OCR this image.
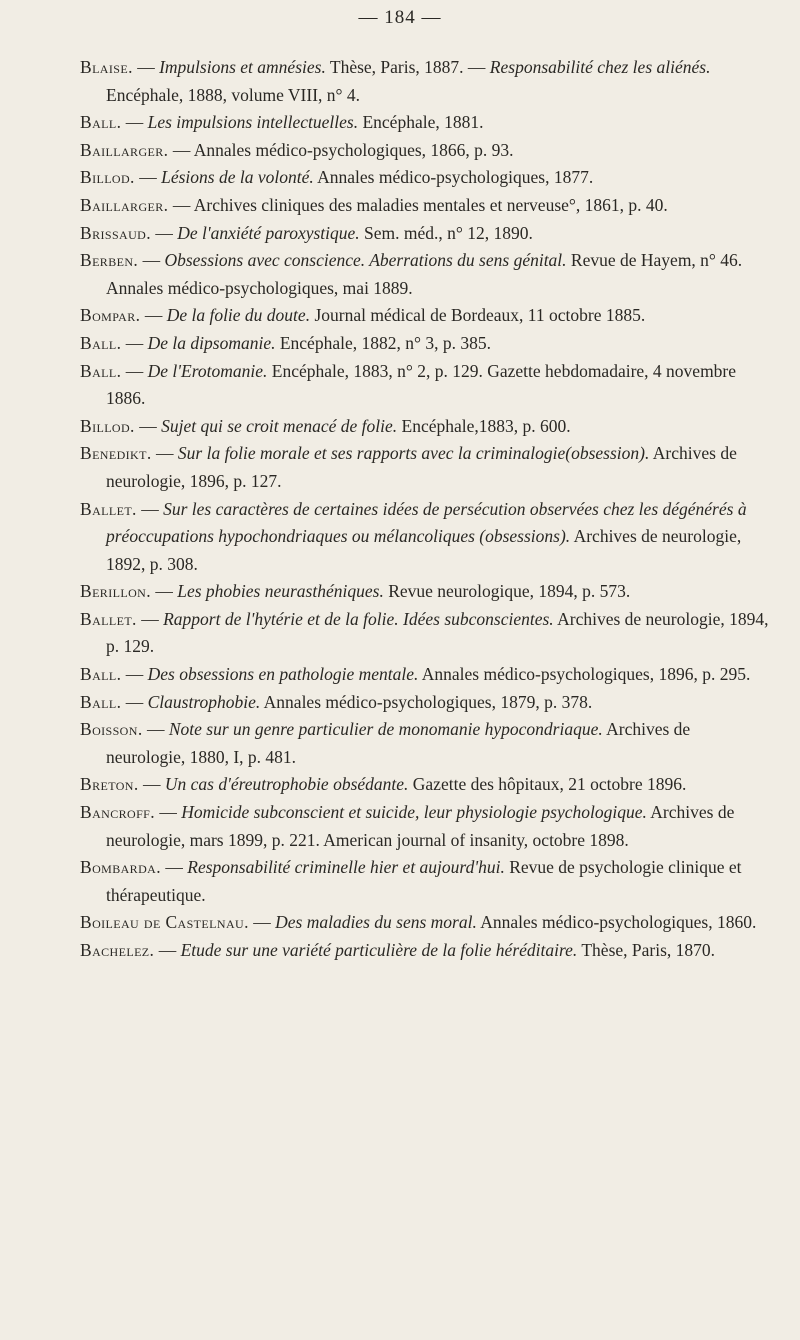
— 184 —

Blaise. — Impulsions et amnésies. Thèse, Paris, 1887. — Responsabilité chez les aliénés. Encéphale, 1888, volume VIII, n° 4.

Ball. — Les impulsions intellectuelles. Encéphale, 1881.

Baillarger. — Annales médico-psychologiques, 1866, p. 93.

Billod. — Lésions de la volonté. Annales médico-psychologiques, 1877.

Baillarger. — Archives cliniques des maladies mentales et nerveuse°, 1861, p. 40.

Brissaud. — De l'anxiété paroxystique. Sem. méd., n° 12, 1890.

Berben. — Obsessions avec conscience. Aberrations du sens génital. Revue de Hayem, n° 46. Annales médico-psychologiques, mai 1889.

Bompar. — De la folie du doute. Journal médical de Bordeaux, 11 octobre 1885.

Ball. — De la dipsomanie. Encéphale, 1882, n° 3, p. 385.

Ball. — De l'Erotomanie. Encéphale, 1883, n° 2, p. 129. Gazette hebdomadaire, 4 novembre 1886.

Billod. — Sujet qui se croit menacé de folie. Encéphale,1883, p. 600.

Benedikt. — Sur la folie morale et ses rapports avec la criminalogie(obsession). Archives de neurologie, 1896, p. 127.

Ballet. — Sur les caractères de certaines idées de persécution observées chez les dégénérés à préoccupations hypochondriaques ou mélancoliques (obsessions). Archives de neurologie, 1892, p. 308.

Berillon. — Les phobies neurasthéniques. Revue neurologique, 1894, p. 573.

Ballet. — Rapport de l'hytérie et de la folie. Idées subconscientes. Archives de neurologie, 1894, p. 129.

Ball. — Des obsessions en pathologie mentale. Annales médico-psychologiques, 1896, p. 295.

Ball. — Claustrophobie. Annales médico-psychologiques, 1879, p. 378.

Boisson. — Note sur un genre particulier de monomanie hypocondriaque. Archives de neurologie, 1880, I, p. 481.

Breton. — Un cas d'éreutrophobie obsédante. Gazette des hôpitaux, 21 octobre 1896.

Bancroff. — Homicide subconscient et suicide, leur physiologie psychologique. Archives de neurologie, mars 1899, p. 221. American journal of insanity, octobre 1898.

Bombarda. — Responsabilité criminelle hier et aujourd'hui. Revue de psychologie clinique et thérapeutique.

Boileau de Castelnau. — Des maladies du sens moral. Annales médico-psychologiques, 1860.

Bachelez. — Etude sur une variété particulière de la folie héréditaire. Thèse, Paris, 1870.
